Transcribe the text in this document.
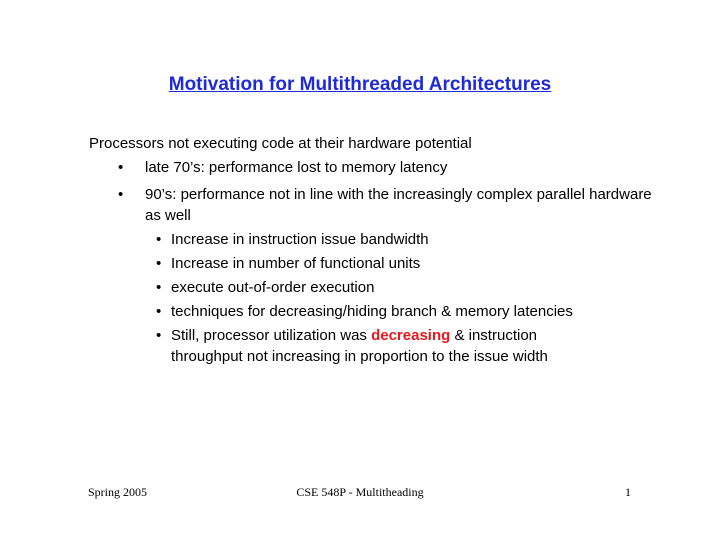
Motivation for Multithreaded Architectures
Processors not executing code at their hardware potential
• late 70’s: performance lost to memory latency
• 90’s: performance not in line with the increasingly complex parallel hardware as well
• Increase in instruction issue bandwidth
• Increase in number of functional units
• execute out-of-order execution
• techniques for decreasing/hiding branch & memory latencies
• Still, processor utilization was decreasing & instruction throughput not increasing in proportion to the issue width
Spring 2005	CSE 548P - Multitheading	1
